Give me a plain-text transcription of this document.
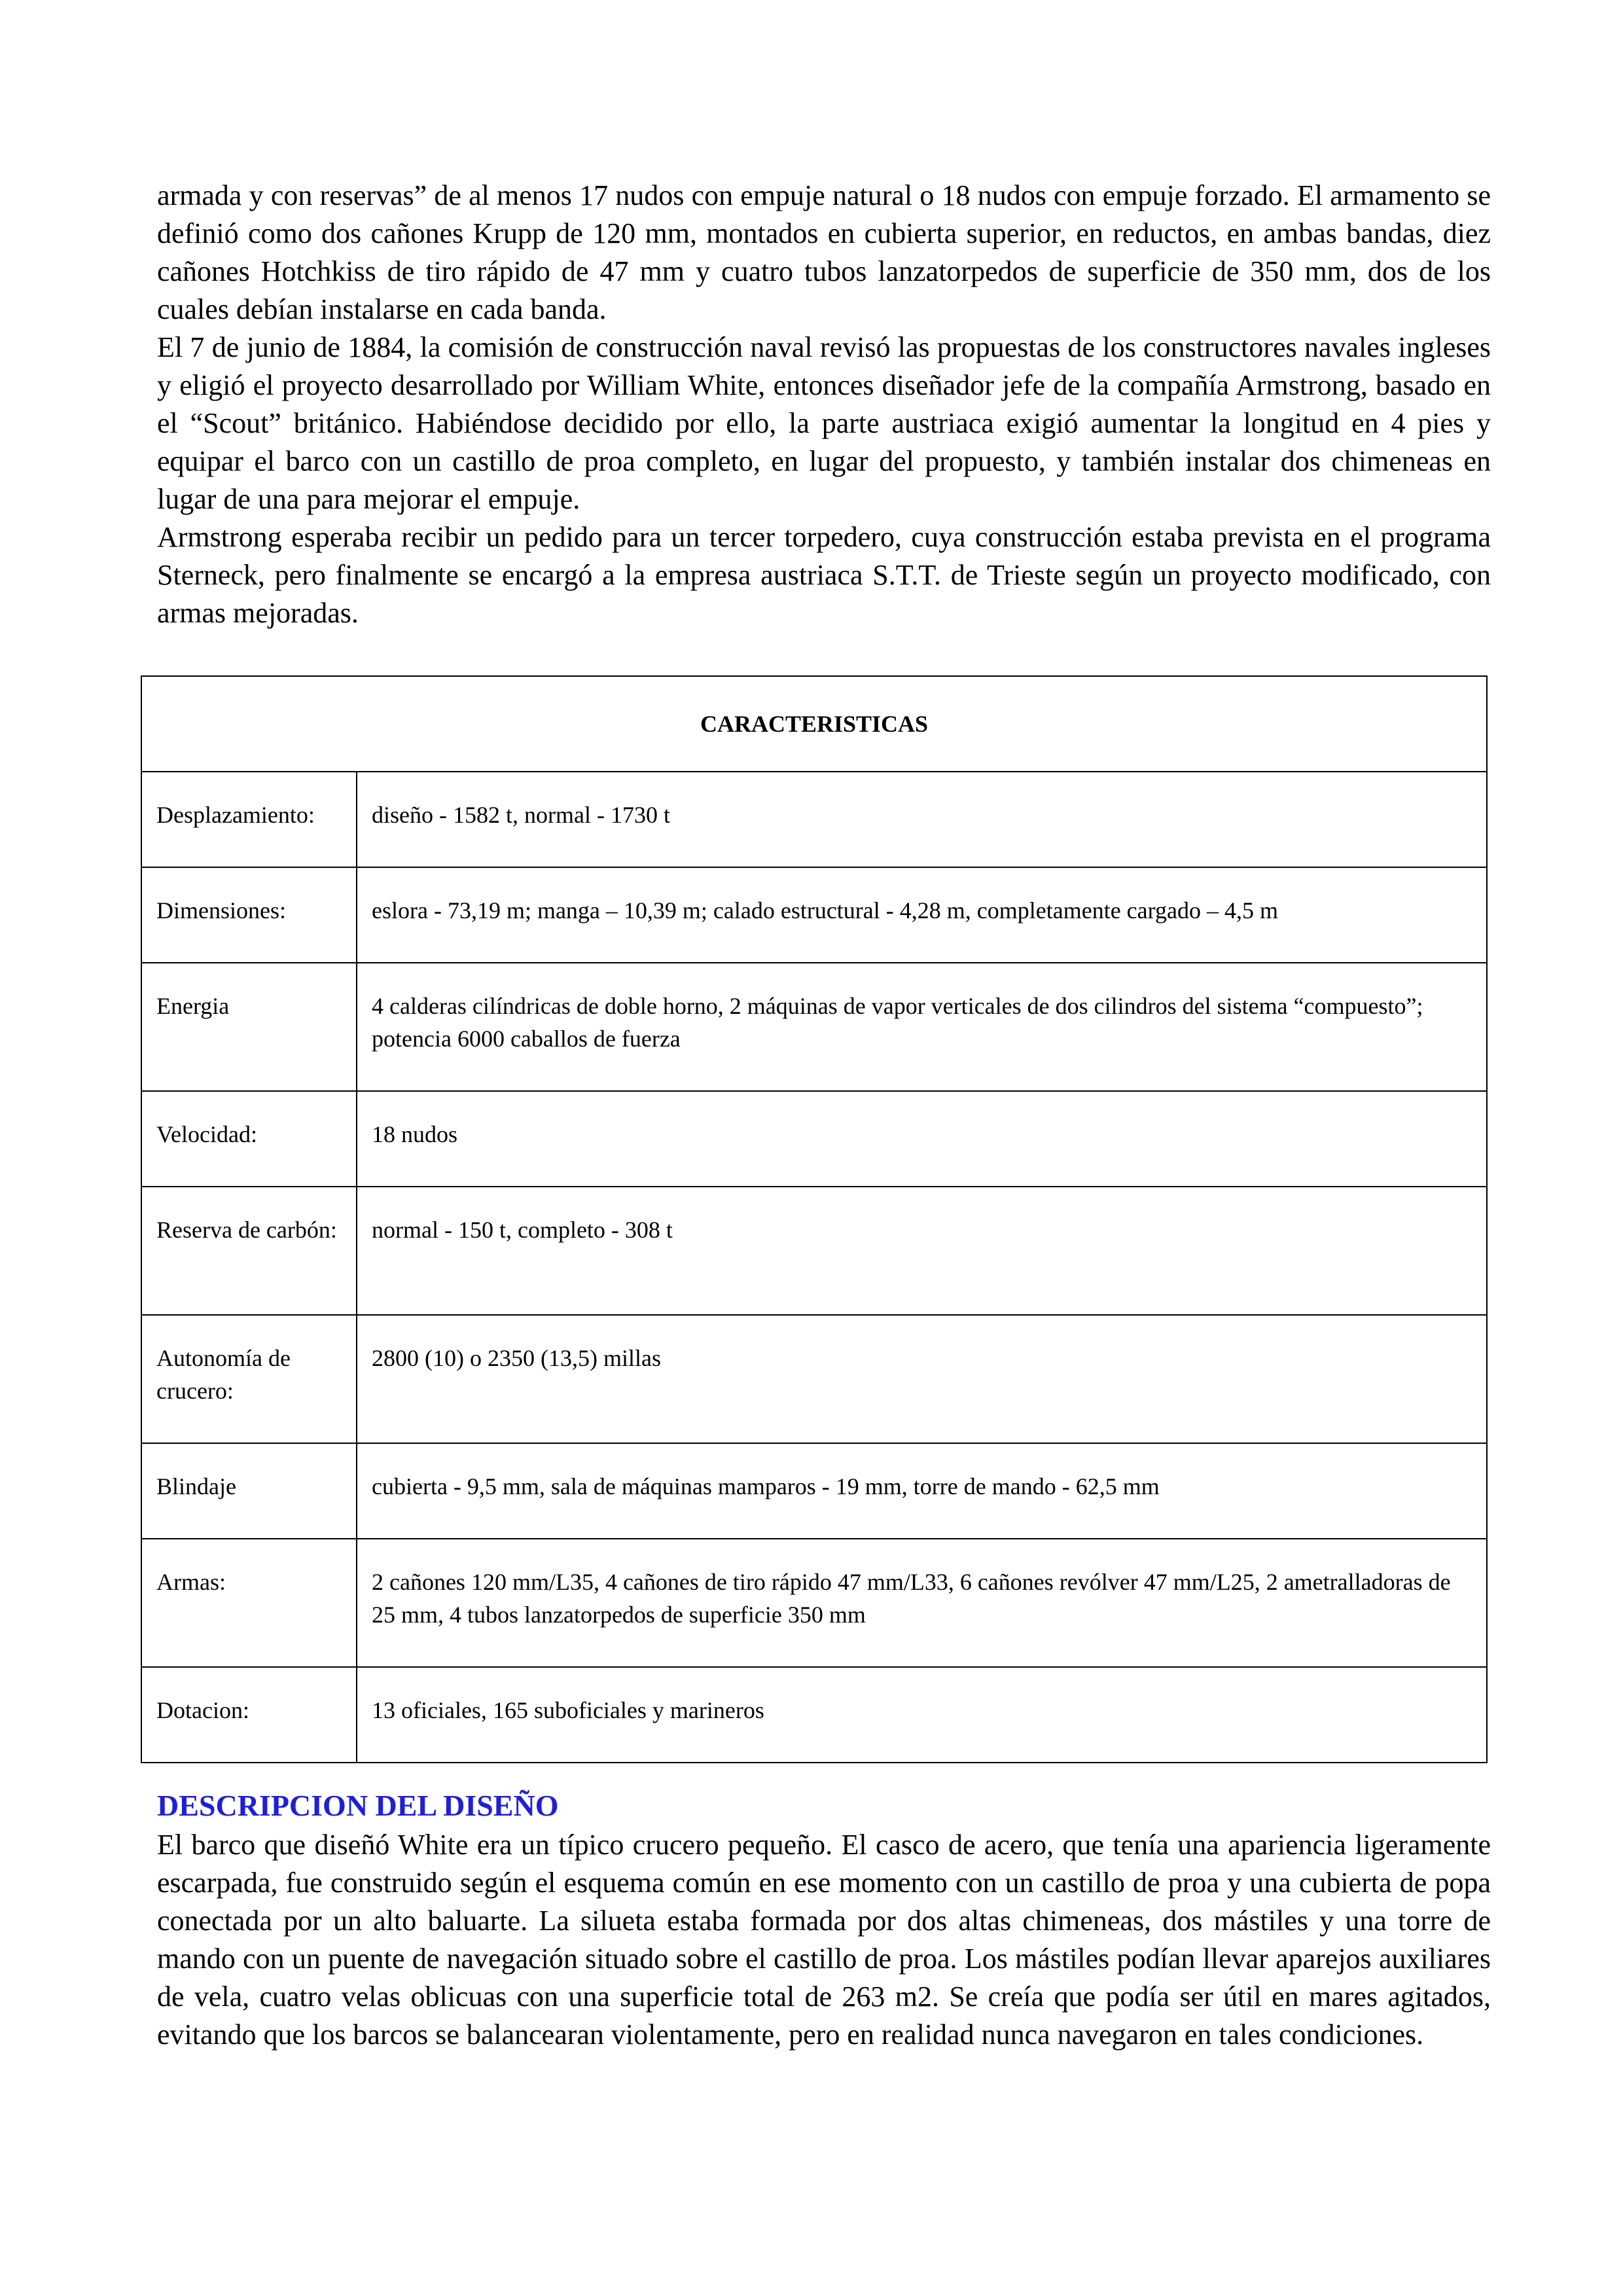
armada y con reservas” de al menos 17 nudos con empuje natural o 18 nudos con empuje forzado. El armamento se definió como dos cañones Krupp de 120 mm, montados en cubierta superior, en reductos, en ambas bandas, diez cañones Hotchkiss de tiro rápido de 47 mm y cuatro tubos lanzatorpedos de superficie de 350 mm, dos de los cuales debían instalarse en cada banda.

El 7 de junio de 1884, la comisión de construcción naval revisó las propuestas de los constructores navales ingleses y eligió el proyecto desarrollado por William White, entonces diseñador jefe de la compañía Armstrong, basado en el “Scout” británico. Habiéndose decidido por ello, la parte austriaca exigió aumentar la longitud en 4 pies y equipar el barco con un castillo de proa completo, en lugar del propuesto, y también instalar dos chimeneas en lugar de una para mejorar el empuje.

Armstrong esperaba recibir un pedido para un tercer torpedero, cuya construcción estaba prevista en el programa Sterneck, pero finalmente se encargó a la empresa austriaca S.T.T. de Trieste según un proyecto modificado, con armas mejoradas.

CARACTERISTICAS	

Desplazamiento:	diseño - 1582 t, normal - 1730 t

Dimensiones:	eslora - 73,19 m; manga – 10,39 m; calado estructural - 4,28 m, completamente cargado – 4,5 m

Energia	4 calderas cilíndricas de doble horno, 2 máquinas de vapor verticales de dos cilindros del sistema “compuesto”; potencia 6000 caballos de fuerza

Velocidad:	18 nudos

Reserva de carbón:	normal - 150 t, completo - 308 t

Autonomía de crucero:	2800 (10) o 2350 (13,5) millas

Blindaje	cubierta - 9,5 mm, sala de máquinas mamparos - 19 mm, torre de mando - 62,5 mm

Armas:	2 cañones 120 mm/L35, 4 cañones de tiro rápido 47 mm/L33, 6 cañones revólver 47 mm/L25, 2 ametralladoras de 25 mm, 4 tubos lanzatorpedos de superficie 350 mm

Dotacion:	13 oficiales, 165 suboficiales y marineros
DESCRIPCION DEL DISEÑO

El barco que diseñó White era un típico crucero pequeño. El casco de acero, que tenía una apariencia ligeramente escarpada, fue construido según el esquema común en ese momento con un castillo de proa y una cubierta de popa conectada por un alto baluarte. La silueta estaba formada por dos altas chimeneas, dos mástiles y una torre de mando con un puente de navegación situado sobre el castillo de proa. Los mástiles podían llevar aparejos auxiliares de vela, cuatro velas oblicuas con una superficie total de 263 m2. Se creía que podía ser útil en mares agitados, evitando que los barcos se balancearan violentamente, pero en realidad nunca navegaron en tales condiciones.
